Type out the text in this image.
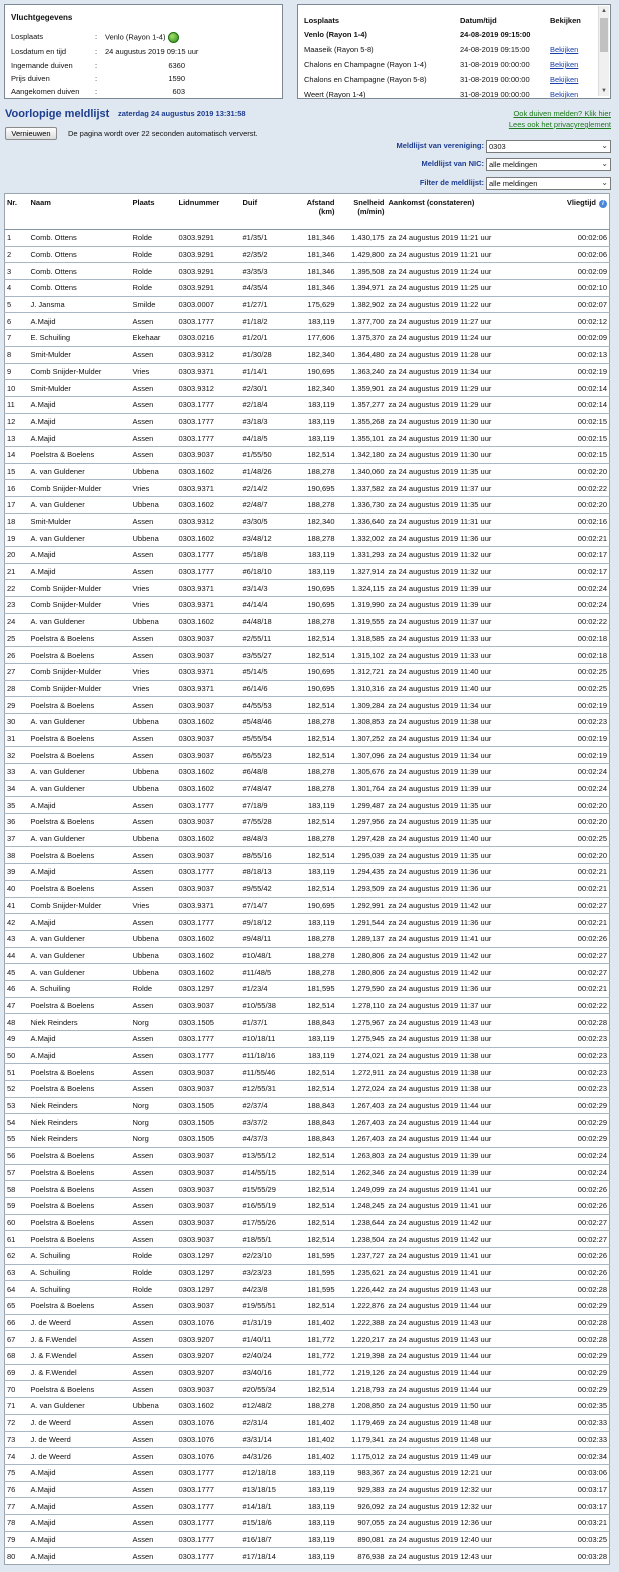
Vluchtgegevens
Losplaats	: Venlo (Rayon 1-4)
Losdatum en tijd	: 24 augustus 2019 09:15 uur
Ingemande duiven	:	6360
Prijs duiven	:	1590
Aangekomen duiven	:	603
Losplaats	Datum/tijd	Bekijken
Venlo (Rayon 1-4)	24-08-2019 09:15:00	
Maaseik (Rayon 5-8)	24-08-2019 09:15:00	Bekijken
Chalons en Champagne (Rayon 1-4)	31-08-2019 00:00:00	Bekijken
Chalons en Champagne (Rayon 5-8)	31-08-2019 00:00:00	Bekijken
Weert (Rayon 1-4)	31-08-2019 00:00:00	Bekijken
▲
▼
Voorlopige meldlijst zaterdag 24 augustus 2019 13:31:58	Ook duiven melden? Klik hier
Lees ook het privacyreglement
Vernieuwen	De pagina wordt over 22 seconden automatisch ververst.
Meldlijst van vereniging: 0303	⌄
Meldlijst van NIC: alle meldingen	⌄
Filter de meldlijst: alle meldingen	⌄
Nr.	Naam	Plaats	Lidnummer	Duif	Afstand
(km)	Snelheid
(m/min)	Aankomst (constateren)	Vliegtijd i
1	Comb. Ottens	Rolde	0303.9291	#1/35/1	181,346	1.430,175	za 24 augustus 2019 11:21 uur	00:02:06
2	Comb. Ottens	Rolde	0303.9291	#2/35/2	181,346	1.429,800	za 24 augustus 2019 11:21 uur	00:02:06
3	Comb. Ottens	Rolde	0303.9291	#3/35/3	181,346	1.395,508	za 24 augustus 2019 11:24 uur	00:02:09
4	Comb. Ottens	Rolde	0303.9291	#4/35/4	181,346	1.394,971	za 24 augustus 2019 11:25 uur	00:02:10
5	J. Jansma	Smilde	0303.0007	#1/27/1	175,629	1.382,902	za 24 augustus 2019 11:22 uur	00:02:07
6	A.Majid	Assen	0303.1777	#1/18/2	183,119	1.377,700	za 24 augustus 2019 11:27 uur	00:02:12
7	E. Schuiling	Ekehaar	0303.0216	#1/20/1	177,606	1.375,370	za 24 augustus 2019 11:24 uur	00:02:09
8	Smit-Mulder	Assen	0303.9312	#1/30/28	182,340	1.364,480	za 24 augustus 2019 11:28 uur	00:02:13
9	Comb Snijder-Mulder	Vries	0303.9371	#1/14/1	190,695	1.363,240	za 24 augustus 2019 11:34 uur	00:02:19
10	Smit-Mulder	Assen	0303.9312	#2/30/1	182,340	1.359,901	za 24 augustus 2019 11:29 uur	00:02:14
11	A.Majid	Assen	0303.1777	#2/18/4	183,119	1.357,277	za 24 augustus 2019 11:29 uur	00:02:14
12	A.Majid	Assen	0303.1777	#3/18/3	183,119	1.355,268	za 24 augustus 2019 11:30 uur	00:02:15
13	A.Majid	Assen	0303.1777	#4/18/5	183,119	1.355,101	za 24 augustus 2019 11:30 uur	00:02:15
14	Poelstra & Boelens	Assen	0303.9037	#1/55/50	182,514	1.342,180	za 24 augustus 2019 11:30 uur	00:02:15
15	A. van Guldener	Ubbena	0303.1602	#1/48/26	188,278	1.340,060	za 24 augustus 2019 11:35 uur	00:02:20
16	Comb Snijder-Mulder	Vries	0303.9371	#2/14/2	190,695	1.337,582	za 24 augustus 2019 11:37 uur	00:02:22
17	A. van Guldener	Ubbena	0303.1602	#2/48/7	188,278	1.336,730	za 24 augustus 2019 11:35 uur	00:02:20
18	Smit-Mulder	Assen	0303.9312	#3/30/5	182,340	1.336,640	za 24 augustus 2019 11:31 uur	00:02:16
19	A. van Guldener	Ubbena	0303.1602	#3/48/12	188,278	1.332,002	za 24 augustus 2019 11:36 uur	00:02:21
20	A.Majid	Assen	0303.1777	#5/18/8	183,119	1.331,293	za 24 augustus 2019 11:32 uur	00:02:17
21	A.Majid	Assen	0303.1777	#6/18/10	183,119	1.327,914	za 24 augustus 2019 11:32 uur	00:02:17
22	Comb Snijder-Mulder	Vries	0303.9371	#3/14/3	190,695	1.324,115	za 24 augustus 2019 11:39 uur	00:02:24
23	Comb Snijder-Mulder	Vries	0303.9371	#4/14/4	190,695	1.319,990	za 24 augustus 2019 11:39 uur	00:02:24
24	A. van Guldener	Ubbena	0303.1602	#4/48/18	188,278	1.319,555	za 24 augustus 2019 11:37 uur	00:02:22
25	Poelstra & Boelens	Assen	0303.9037	#2/55/11	182,514	1.318,585	za 24 augustus 2019 11:33 uur	00:02:18
26	Poelstra & Boelens	Assen	0303.9037	#3/55/27	182,514	1.315,102	za 24 augustus 2019 11:33 uur	00:02:18
27	Comb Snijder-Mulder	Vries	0303.9371	#5/14/5	190,695	1.312,721	za 24 augustus 2019 11:40 uur	00:02:25
28	Comb Snijder-Mulder	Vries	0303.9371	#6/14/6	190,695	1.310,316	za 24 augustus 2019 11:40 uur	00:02:25
29	Poelstra & Boelens	Assen	0303.9037	#4/55/53	182,514	1.309,284	za 24 augustus 2019 11:34 uur	00:02:19
30	A. van Guldener	Ubbena	0303.1602	#5/48/46	188,278	1.308,853	za 24 augustus 2019 11:38 uur	00:02:23
31	Poelstra & Boelens	Assen	0303.9037	#5/55/54	182,514	1.307,252	za 24 augustus 2019 11:34 uur	00:02:19
32	Poelstra & Boelens	Assen	0303.9037	#6/55/23	182,514	1.307,096	za 24 augustus 2019 11:34 uur	00:02:19
33	A. van Guldener	Ubbena	0303.1602	#6/48/8	188,278	1.305,676	za 24 augustus 2019 11:39 uur	00:02:24
34	A. van Guldener	Ubbena	0303.1602	#7/48/47	188,278	1.301,764	za 24 augustus 2019 11:39 uur	00:02:24
35	A.Majid	Assen	0303.1777	#7/18/9	183,119	1.299,487	za 24 augustus 2019 11:35 uur	00:02:20
36	Poelstra & Boelens	Assen	0303.9037	#7/55/28	182,514	1.297,956	za 24 augustus 2019 11:35 uur	00:02:20
37	A. van Guldener	Ubbena	0303.1602	#8/48/3	188,278	1.297,428	za 24 augustus 2019 11:40 uur	00:02:25
38	Poelstra & Boelens	Assen	0303.9037	#8/55/16	182,514	1.295,039	za 24 augustus 2019 11:35 uur	00:02:20
39	A.Majid	Assen	0303.1777	#8/18/13	183,119	1.294,435	za 24 augustus 2019 11:36 uur	00:02:21
40	Poelstra & Boelens	Assen	0303.9037	#9/55/42	182,514	1.293,509	za 24 augustus 2019 11:36 uur	00:02:21
41	Comb Snijder-Mulder	Vries	0303.9371	#7/14/7	190,695	1.292,991	za 24 augustus 2019 11:42 uur	00:02:27
42	A.Majid	Assen	0303.1777	#9/18/12	183,119	1.291,544	za 24 augustus 2019 11:36 uur	00:02:21
43	A. van Guldener	Ubbena	0303.1602	#9/48/11	188,278	1.289,137	za 24 augustus 2019 11:41 uur	00:02:26
44	A. van Guldener	Ubbena	0303.1602	#10/48/1	188,278	1.280,806	za 24 augustus 2019 11:42 uur	00:02:27
45	A. van Guldener	Ubbena	0303.1602	#11/48/5	188,278	1.280,806	za 24 augustus 2019 11:42 uur	00:02:27
46	A. Schuiling	Rolde	0303.1297	#1/23/4	181,595	1.279,590	za 24 augustus 2019 11:36 uur	00:02:21
47	Poelstra & Boelens	Assen	0303.9037	#10/55/38	182,514	1.278,110	za 24 augustus 2019 11:37 uur	00:02:22
48	Niek Reinders	Norg	0303.1505	#1/37/1	188,843	1.275,967	za 24 augustus 2019 11:43 uur	00:02:28
49	A.Majid	Assen	0303.1777	#10/18/11	183,119	1.275,945	za 24 augustus 2019 11:38 uur	00:02:23
50	A.Majid	Assen	0303.1777	#11/18/16	183,119	1.274,021	za 24 augustus 2019 11:38 uur	00:02:23
51	Poelstra & Boelens	Assen	0303.9037	#11/55/46	182,514	1.272,911	za 24 augustus 2019 11:38 uur	00:02:23
52	Poelstra & Boelens	Assen	0303.9037	#12/55/31	182,514	1.272,024	za 24 augustus 2019 11:38 uur	00:02:23
53	Niek Reinders	Norg	0303.1505	#2/37/4	188,843	1.267,403	za 24 augustus 2019 11:44 uur	00:02:29
54	Niek Reinders	Norg	0303.1505	#3/37/2	188,843	1.267,403	za 24 augustus 2019 11:44 uur	00:02:29
55	Niek Reinders	Norg	0303.1505	#4/37/3	188,843	1.267,403	za 24 augustus 2019 11:44 uur	00:02:29
56	Poelstra & Boelens	Assen	0303.9037	#13/55/12	182,514	1.263,803	za 24 augustus 2019 11:39 uur	00:02:24
57	Poelstra & Boelens	Assen	0303.9037	#14/55/15	182,514	1.262,346	za 24 augustus 2019 11:39 uur	00:02:24
58	Poelstra & Boelens	Assen	0303.9037	#15/55/29	182,514	1.249,099	za 24 augustus 2019 11:41 uur	00:02:26
59	Poelstra & Boelens	Assen	0303.9037	#16/55/19	182,514	1.248,245	za 24 augustus 2019 11:41 uur	00:02:26
60	Poelstra & Boelens	Assen	0303.9037	#17/55/26	182,514	1.238,644	za 24 augustus 2019 11:42 uur	00:02:27
61	Poelstra & Boelens	Assen	0303.9037	#18/55/1	182,514	1.238,504	za 24 augustus 2019 11:42 uur	00:02:27
62	A. Schuiling	Rolde	0303.1297	#2/23/10	181,595	1.237,727	za 24 augustus 2019 11:41 uur	00:02:26
63	A. Schuiling	Rolde	0303.1297	#3/23/23	181,595	1.235,621	za 24 augustus 2019 11:41 uur	00:02:26
64	A. Schuiling	Rolde	0303.1297	#4/23/8	181,595	1.226,442	za 24 augustus 2019 11:43 uur	00:02:28
65	Poelstra & Boelens	Assen	0303.9037	#19/55/51	182,514	1.222,876	za 24 augustus 2019 11:44 uur	00:02:29
66	J. de Weerd	Assen	0303.1076	#1/31/19	181,402	1.222,388	za 24 augustus 2019 11:43 uur	00:02:28
67	J. & F.Wendel	Assen	0303.9207	#1/40/11	181,772	1.220,217	za 24 augustus 2019 11:43 uur	00:02:28
68	J. & F.Wendel	Assen	0303.9207	#2/40/24	181,772	1.219,398	za 24 augustus 2019 11:44 uur	00:02:29
69	J. & F.Wendel	Assen	0303.9207	#3/40/16	181,772	1.219,126	za 24 augustus 2019 11:44 uur	00:02:29
70	Poelstra & Boelens	Assen	0303.9037	#20/55/34	182,514	1.218,793	za 24 augustus 2019 11:44 uur	00:02:29
71	A. van Guldener	Ubbena	0303.1602	#12/48/2	188,278	1.208,850	za 24 augustus 2019 11:50 uur	00:02:35
72	J. de Weerd	Assen	0303.1076	#2/31/4	181,402	1.179,469	za 24 augustus 2019 11:48 uur	00:02:33
73	J. de Weerd	Assen	0303.1076	#3/31/14	181,402	1.179,341	za 24 augustus 2019 11:48 uur	00:02:33
74	J. de Weerd	Assen	0303.1076	#4/31/26	181,402	1.175,012	za 24 augustus 2019 11:49 uur	00:02:34
75	A.Majid	Assen	0303.1777	#12/18/18	183,119	983,367	za 24 augustus 2019 12:21 uur	00:03:06
76	A.Majid	Assen	0303.1777	#13/18/15	183,119	929,383	za 24 augustus 2019 12:32 uur	00:03:17
77	A.Majid	Assen	0303.1777	#14/18/1	183,119	926,092	za 24 augustus 2019 12:32 uur	00:03:17
78	A.Majid	Assen	0303.1777	#15/18/6	183,119	907,055	za 24 augustus 2019 12:36 uur	00:03:21
79	A.Majid	Assen	0303.1777	#16/18/7	183,119	890,081	za 24 augustus 2019 12:40 uur	00:03:25
80	A.Majid	Assen	0303.1777	#17/18/14	183,119	876,938	za 24 augustus 2019 12:43 uur	00:03:28
